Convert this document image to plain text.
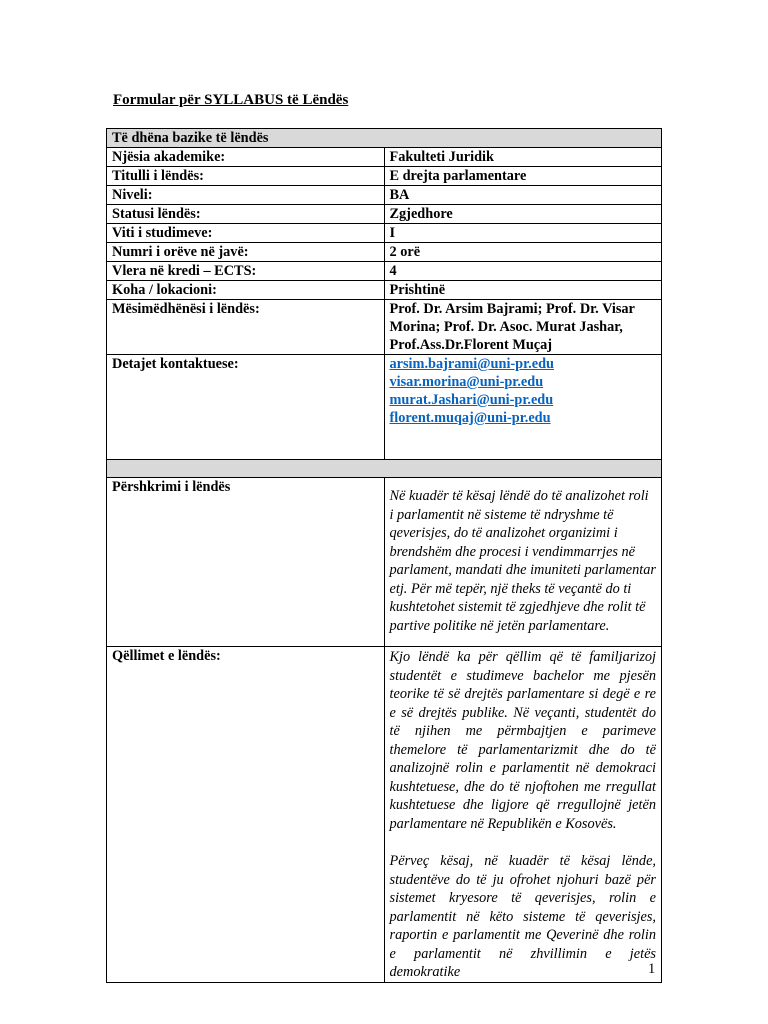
Formular për SYLLABUS të Lëndës
Të dhëna bazike të lëndës	
Njësia akademike:	Fakulteti Juridik
Titulli i lëndës:	E drejta parlamentare
Niveli:	BA
Statusi lëndës:	Zgjedhore
Viti i studimeve:	I
Numri i orëve në javë:	2 orë
Vlera në kredi – ECTS:	4
Koha / lokacioni:	Prishtinë
Mësimëdhënësi i lëndës:	Prof. Dr. Arsim Bajrami; Prof. Dr. Visar
Morina; Prof. Dr. Asoc. Murat Jashar,
Prof.Ass.Dr.Florent Muçaj

Detajet kontaktuese:	arsim.bajrami@uni-pr.edu
visar.morina@uni-pr.edu
murat.Jashari@uni-pr.edu
florent.muqaj@uni-pr.edu

Përshkrimi i lëndës	Në kuadër të kësaj lëndë do të analizohet roli i parlamentit në sisteme të ndryshme të qeverisjes, do të analizohet organizimi i brendshëm dhe procesi i vendimmarrjes në parlament, mandati dhe imuniteti parlamentar etj. Për më tepër, një theks të veçantë do ti kushtetohet sistemit të zgjedhjeve dhe rolit të partive politike në jetën parlamentare.

Qëllimet e lëndës:	Kjo lëndë ka për qëllim që të familjarizoj studentët e studimeve bachelor me pjesën teorike të së drejtës parlamentare si degë e re e së drejtës publike. Në veçanti, studentët do të njihen me përmbajtjen e parimeve themelore të parlamentarizmit dhe do të analizojnë rolin e parlamentit në demokraci kushtetuese, dhe do të njoftohen me rregullat kushtetuese dhe ligjore që rregullojnë jetën parlamentare në Republikën e Kosovës.
Përveç kësaj, në kuadër të kësaj lënde, studentëve do të ju ofrohet njohuri bazë për sistemet kryesore të qeverisjes, rolin e parlamentit në këto sisteme të qeverisjes, raportin e parlamentit me Qeverinë dhe rolin e parlamentit në zhvillimin e jetës demokratike	1
